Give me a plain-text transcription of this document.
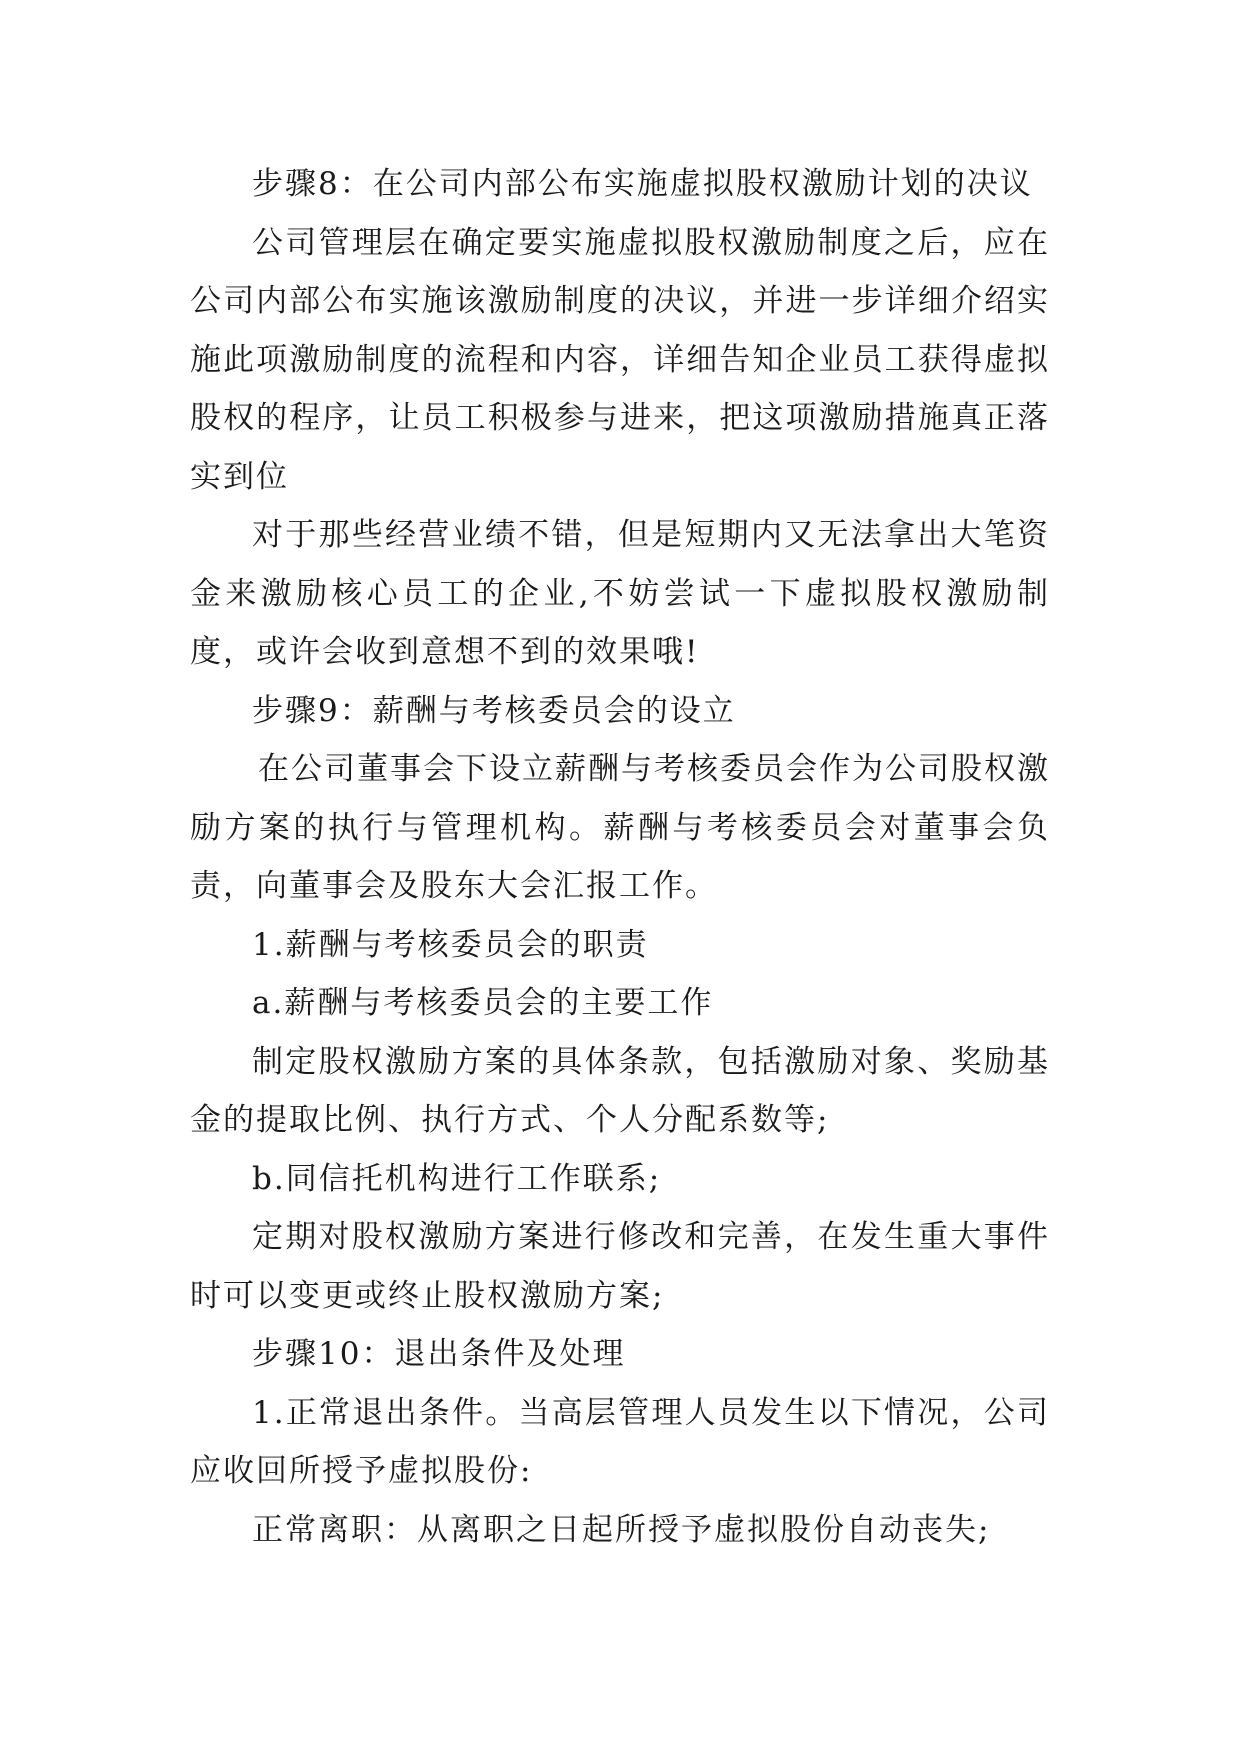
步骤8：在公司内部公布实施虚拟股权激励计划的决议

公司管理层在确定要实施虚拟股权激励制度之后，应在公司内部公布实施该激励制度的决议，并进一步详细介绍实施此项激励制度的流程和内容，详细告知企业员工获得虚拟股权的程序，让员工积极参与进来，把这项激励措施真正落实到位

对于那些经营业绩不错，但是短期内又无法拿出大笔资金来激励核心员工的企业,不妨尝试一下虚拟股权激励制度，或许会收到意想不到的效果哦!

步骤9：薪酬与考核委员会的设立

在公司董事会下设立薪酬与考核委员会作为公司股权激励方案的执行与管理机构。薪酬与考核委员会对董事会负责，向董事会及股东大会汇报工作。

1.薪酬与考核委员会的职责

a.薪酬与考核委员会的主要工作

制定股权激励方案的具体条款，包括激励对象、奖励基金的提取比例、执行方式、个人分配系数等;

b.同信托机构进行工作联系;

定期对股权激励方案进行修改和完善，在发生重大事件时可以变更或终止股权激励方案;

步骤10：退出条件及处理

1.正常退出条件。当高层管理人员发生以下情况，公司应收回所授予虚拟股份:

正常离职：从离职之日起所授予虚拟股份自动丧失;
